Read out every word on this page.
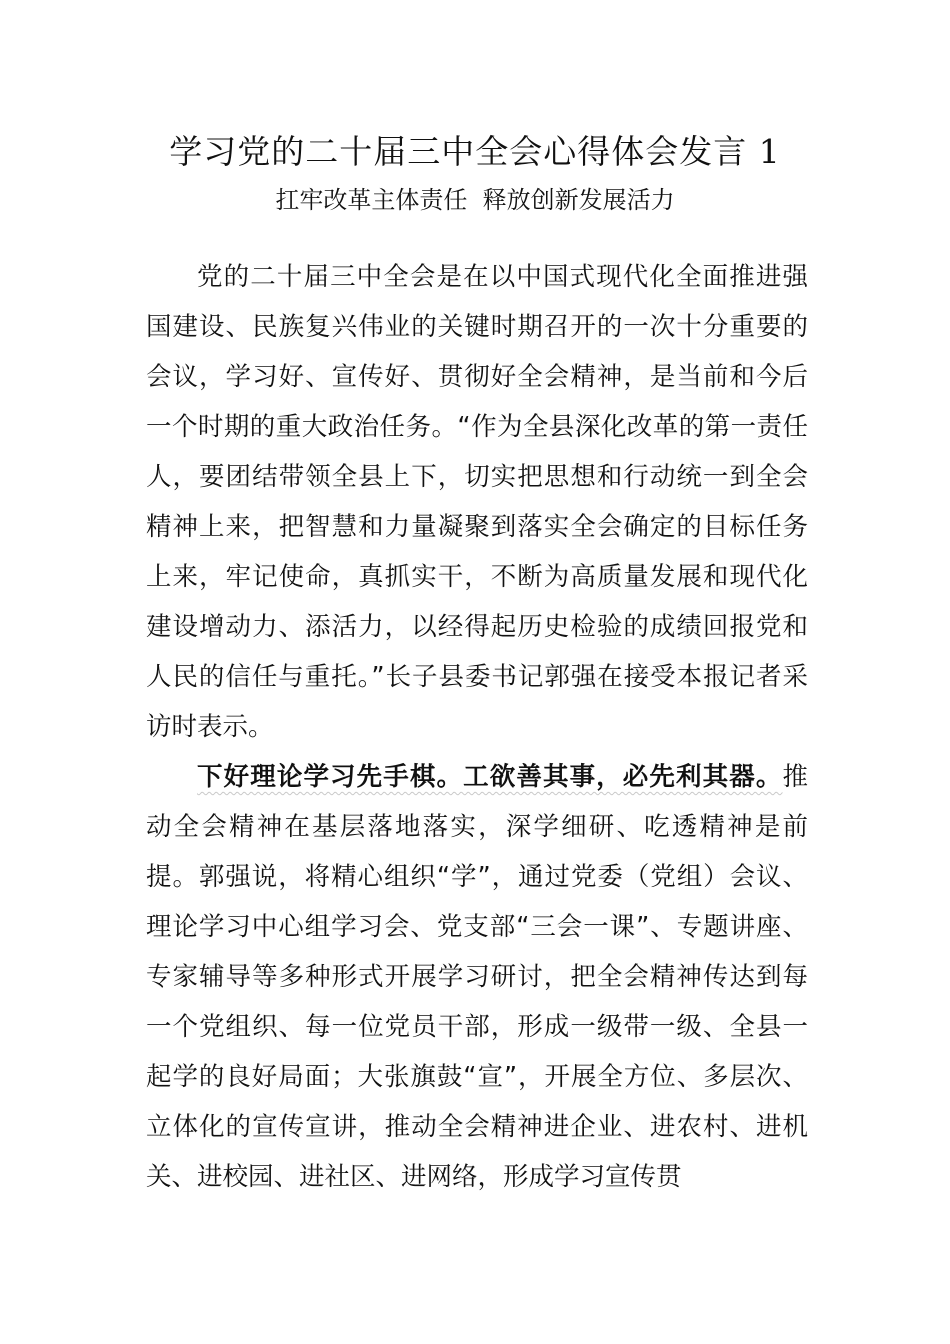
学习党的二十届三中全会心得体会发言 1
扛牢改革主体责任  释放创新发展活力

党的二十届三中全会是在以中国式现代化全面推进强国建设、民族复兴伟业的关键时期召开的一次十分重要的会议，学习好、宣传好、贯彻好全会精神，是当前和今后一个时期的重大政治任务。“作为全县深化改革的第一责任人，要团结带领全县上下，切实把思想和行动统一到全会精神上来，把智慧和力量凝聚到落实全会确定的目标任务上来，牢记使命，真抓实干，不断为高质量发展和现代化建设增动力、添活力，以经得起历史检验的成绩回报党和人民的信任与重托。”长子县委书记郭强在接受本报记者采访时表示。

下好理论学习先手棋。工欲善其事，必先利其器。推动全会精神在基层落地落实，深学细研、吃透精神是前提。郭强说，将精心组织“学”，通过党委（党组）会议、理论学习中心组学习会、党支部“三会一课”、专题讲座、专家辅导等多种形式开展学习研讨，把全会精神传达到每一个党组织、每一位党员干部，形成一级带一级、全县一起学的良好局面；大张旗鼓“宣”，开展全方位、多层次、立体化的宣传宣讲，推动全会精神进企业、进农村、进机关、进校园、进社区、进网络，形成学习宣传贯
